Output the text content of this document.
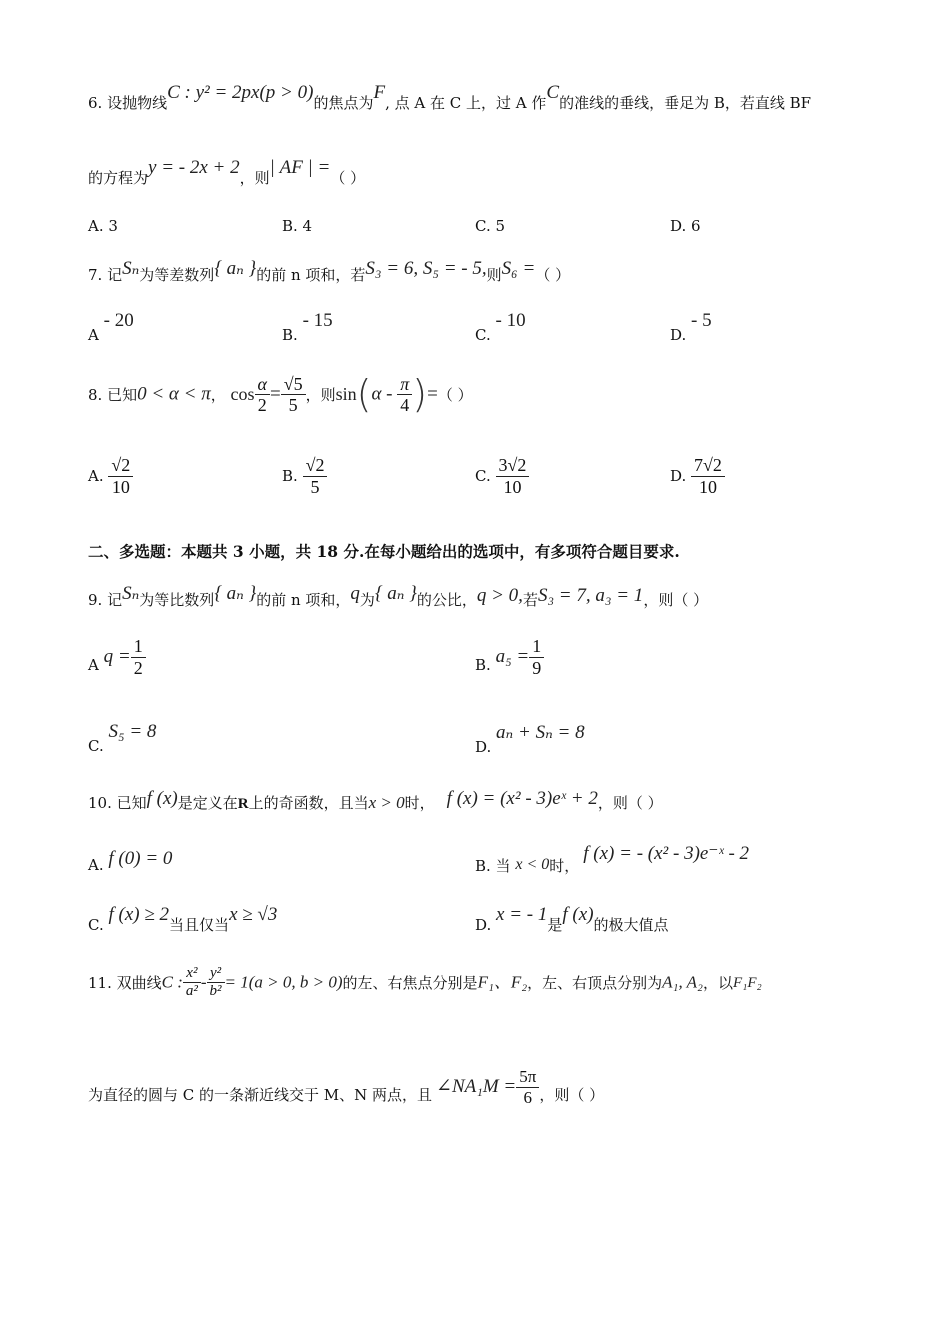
6. 设抛物线C : y² = 2px(p > 0)的焦点为F, 点 A 在 C 上，过 A 作C的准线的垂线，垂足为 B，若直线 BF
的方程为y = - 2x + 2，则| AF | =（ ）
A. 3	B. 4	C. 5	D. 6
7. 记Sₙ为等差数列{ aₙ }的前 n 项和，若S₃ = 6, S₅ = - 5,则S₆ =（ ）
A - 20
B. - 15
C. - 10
D. - 5
8. 已知0 < α < π， $\cos \frac{\alpha}{2} = \frac{√5}{5}$ ，则$\sin(\alpha - \frac{\pi}{4}$ )=（ ）
A. $\frac{√2}{10}$	B. $\frac{√2}{5}$	C. $\frac{3√2}{10}$	D. $\frac{7√2}{10}$
二、多选题：本题共 3 小题，共 18 分.在每小题给出的选项中，有多项符合题目要求.
9. 记Sₙ为等比数列{ aₙ }的前 n 项和，q为{ aₙ }的公比，q > 0,若S₃ = 7, a₃ = 1，则（ ）
A $q = \frac{1}{2}$	B. $a_5 = \frac{1}{9}$
C. S₅ = 8
D. aₙ + Sₙ = 8
10. 已知f (x)是定义在R上的奇函数，且当x > 0时， f (x) = (x² - 3)eˣ + 2，则（ ）
A. f (0) = 0	B. 当 x < 0时，f (x) = - (x² - 3)e⁻ˣ - 2
C. f (x) ≥ 2当且仅当x ≥ √3	D. x = - 1是f (x)的极大值点
11. 双曲线C : $\frac{\text{x²}}{\text{a²}} - \frac{\text{y²}}{\text{b²}} = 1(a > 0$, b > 0)的左、右焦点分别是F₁、F₂，左、右顶点分别为A₁, A₂，以F₁F₂
为直径的圆与 C 的一条渐近线交于 M、N 两点，且 ∠NA₁M = $\frac{5\pi}{6}$ ，则（ ）
